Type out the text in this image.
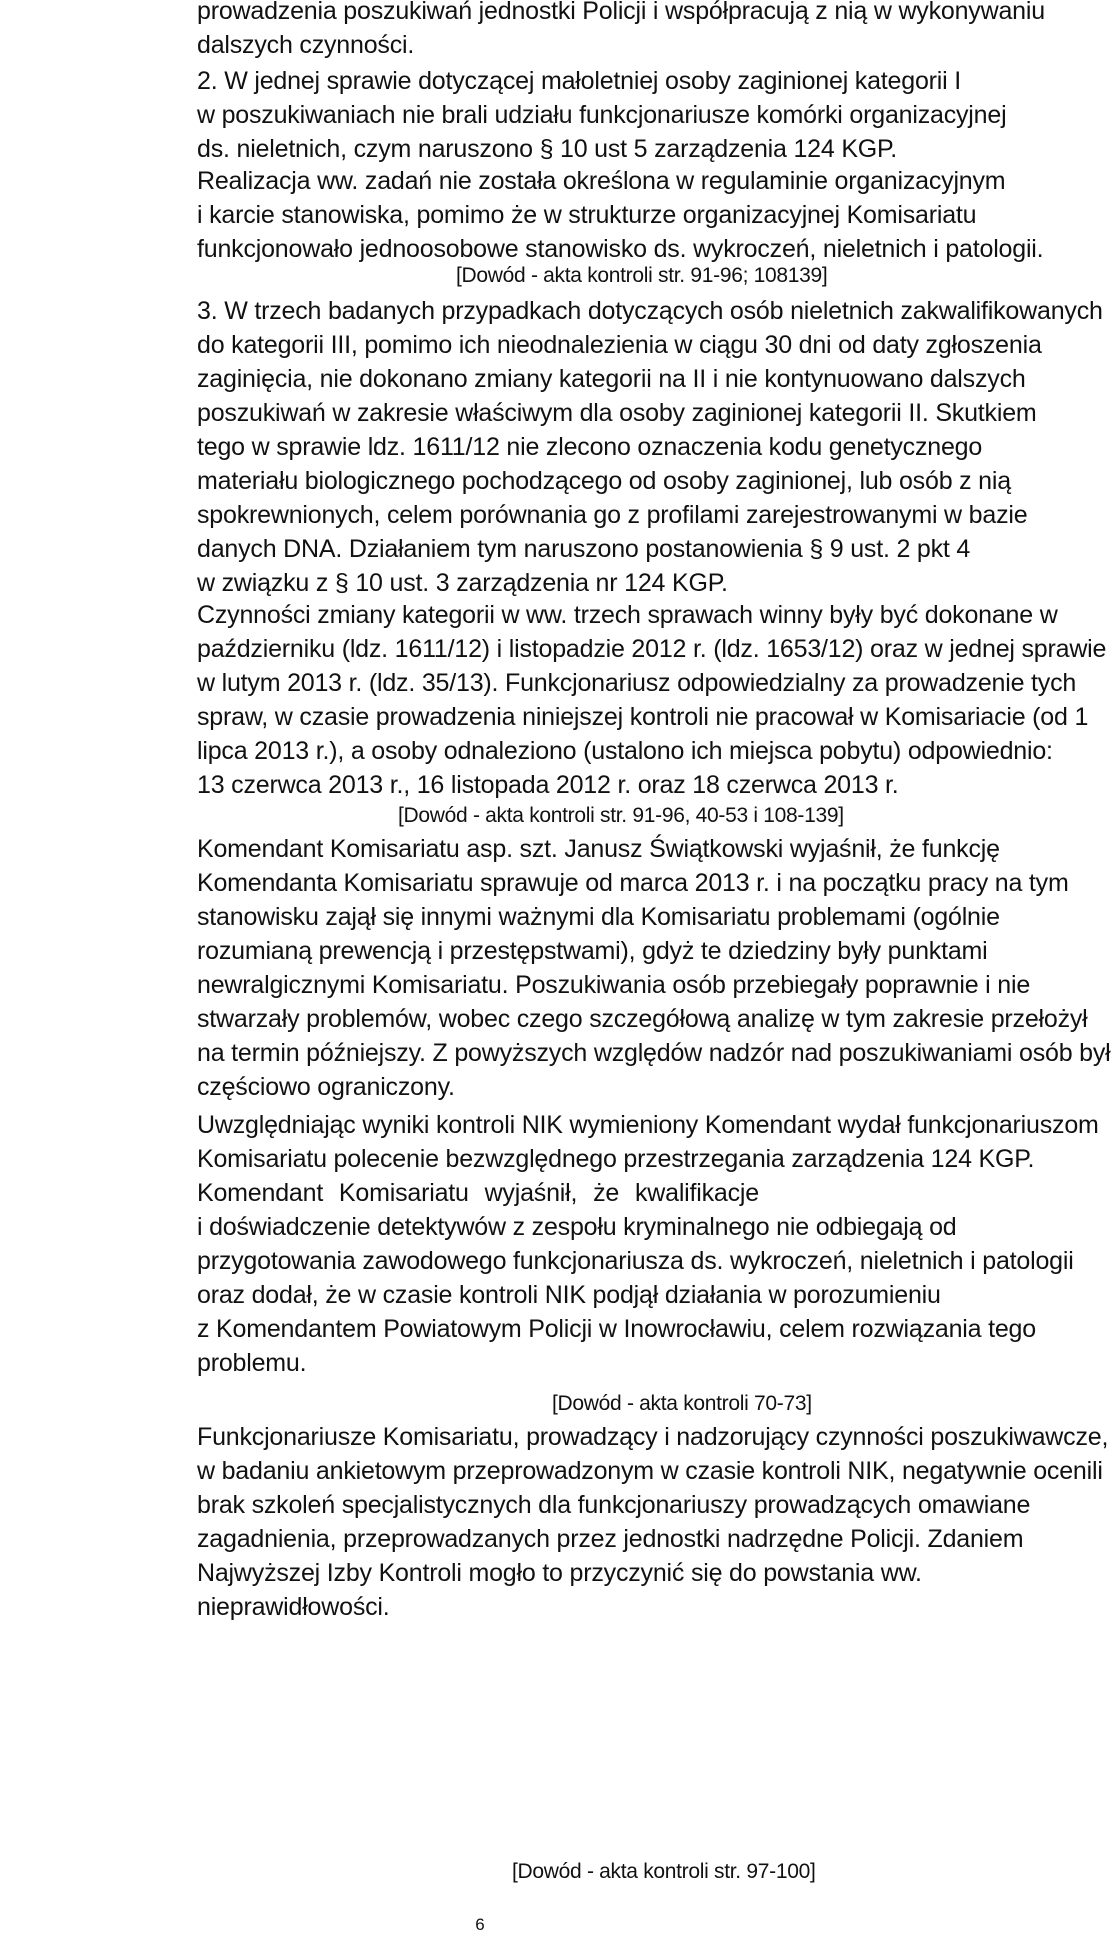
prowadzenia poszukiwań jednostki Policji i współpracują z nią w wykonywaniu
dalszych czynności.
2. W jednej sprawie dotyczącej małoletniej osoby zaginionej kategorii I
w poszukiwaniach nie brali udziału funkcjonariusze komórki organizacyjnej
ds. nieletnich, czym naruszono § 10 ust 5 zarządzenia 124 KGP.
Realizacja ww. zadań nie została określona w regulaminie organizacyjnym
i karcie stanowiska, pomimo że w strukturze organizacyjnej Komisariatu
funkcjonowało jednoosobowe stanowisko ds. wykroczeń, nieletnich i patologii.
[Dowód - akta kontroli str. 91-96; 108139]
3. W trzech badanych przypadkach dotyczących osób nieletnich zakwalifikowanych
do kategorii III, pomimo ich nieodnalezienia w ciągu 30 dni od daty zgłoszenia
zaginięcia, nie dokonano zmiany kategorii na II i nie kontynuowano dalszych
poszukiwań w zakresie właściwym dla osoby zaginionej kategorii II. Skutkiem
tego w sprawie ldz. 1611/12 nie zlecono oznaczenia kodu genetycznego
materiału biologicznego pochodzącego od osoby zaginionej, lub osób z nią
spokrewnionych, celem porównania go z profilami zarejestrowanymi w bazie
danych DNA. Działaniem tym naruszono postanowienia § 9 ust. 2 pkt 4
w związku z § 10 ust. 3 zarządzenia nr 124 KGP.
Czynności zmiany kategorii w ww. trzech sprawach winny były być dokonane w
październiku (ldz. 1611/12) i listopadzie 2012 r. (ldz. 1653/12) oraz w jednej sprawie
w lutym 2013 r. (ldz. 35/13). Funkcjonariusz odpowiedzialny za prowadzenie tych
spraw, w czasie prowadzenia niniejszej kontroli nie pracował w Komisariacie (od 1
lipca 2013 r.), a osoby odnaleziono (ustalono ich miejsca pobytu) odpowiednio:
13 czerwca 2013 r., 16 listopada 2012 r. oraz 18 czerwca 2013 r.
[Dowód - akta kontroli str. 91-96, 40-53 i 108-139]
Komendant Komisariatu asp. szt. Janusz Świątkowski wyjaśnił, że funkcję
Komendanta Komisariatu sprawuje od marca 2013 r. i na początku pracy na tym
stanowisku zajął się innymi ważnymi dla Komisariatu problemami (ogólnie
rozumianą prewencją i przestępstwami), gdyż te dziedziny były punktami
newralgicznymi Komisariatu. Poszukiwania osób przebiegały poprawnie i nie
stwarzały problemów, wobec czego szczegółową analizę w tym zakresie przełożył
na termin późniejszy. Z powyższych względów nadzór nad poszukiwaniami osób był
częściowo ograniczony.
Uwzględniając wyniki kontroli NIK wymieniony Komendant wydał funkcjonariuszom
Komisariatu polecenie bezwzględnego przestrzegania zarządzenia 124 KGP.
Komendant Komisariatu wyjaśnił, że kwalifikacje
i doświadczenie detektywów z zespołu kryminalnego nie odbiegają od
przygotowania zawodowego funkcjonariusza ds. wykroczeń, nieletnich i patologii
oraz dodał, że w czasie kontroli NIK podjął działania w porozumieniu
z Komendantem Powiatowym Policji w Inowrocławiu, celem rozwiązania tego
problemu.
[Dowód - akta kontroli 70-73]
Funkcjonariusze Komisariatu, prowadzący i nadzorujący czynności poszukiwawcze,
w badaniu ankietowym przeprowadzonym w czasie kontroli NIK, negatywnie ocenili
brak szkoleń specjalistycznych dla funkcjonariuszy prowadzących omawiane
zagadnienia, przeprowadzanych przez jednostki nadrzędne Policji. Zdaniem
Najwyższej Izby Kontroli mogło to przyczynić się do powstania ww.
nieprawidłowości.
[Dowód - akta kontroli str. 97-100]
6
